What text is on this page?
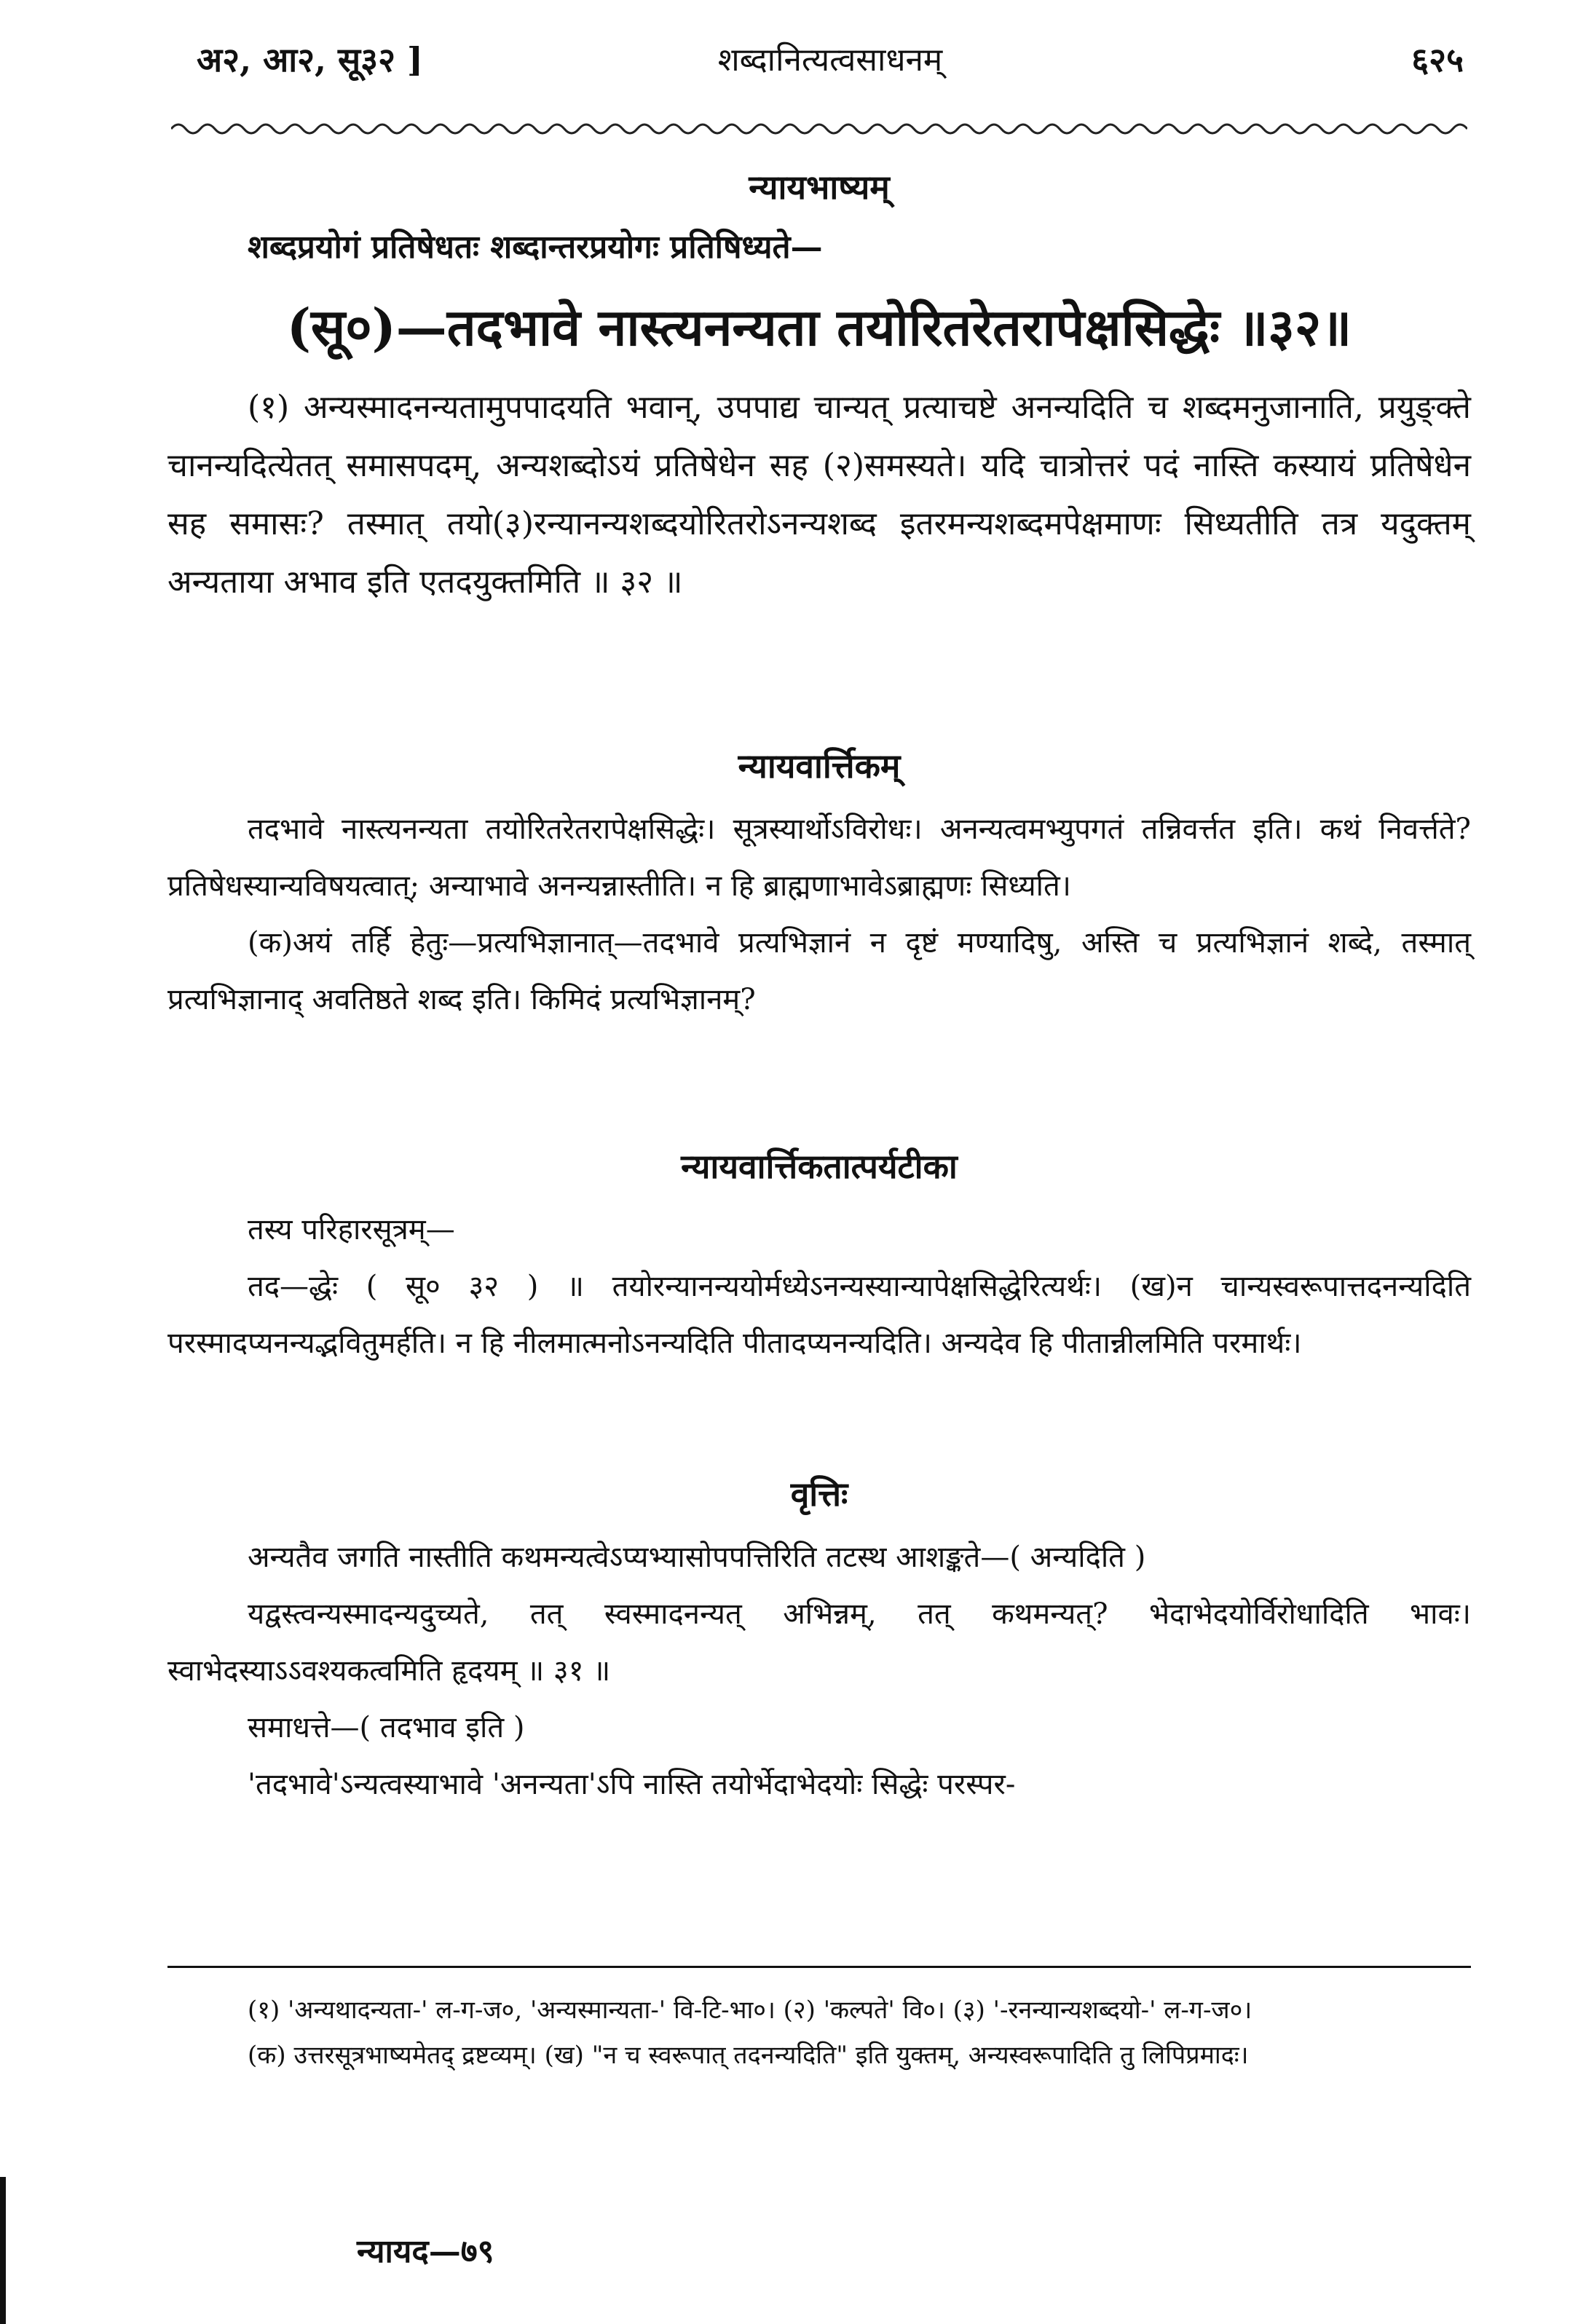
अ२, आ२, सू३२ ]	शब्दानित्यत्वसाधनम्	६२५
न्यायभाष्यम्

शब्दप्रयोगं प्रतिषेधतः शब्दान्तरप्रयोगः प्रतिषिध्यते—

(सू०)—तदभावे नास्त्यनन्यता तयोरितरेतरापेक्षसिद्धेः ॥३२॥

(१) अन्यस्मादनन्यतामुपपादयति भवान्, उपपाद्य चान्यत् प्रत्याचष्टे अनन्यदिति च शब्दमनुजानाति, प्रयुङ्क्ते चानन्यदित्येतत् समासपदम्, अन्यशब्दोऽयं प्रतिषेधेन सह (२)समस्यते। यदि चात्रोत्तरं पदं नास्ति कस्यायं प्रतिषेधेन सह समासः? तस्मात् तयो(३)रन्यानन्यशब्दयोरितरोऽनन्यशब्द इतरमन्यशब्दमपेक्षमाणः सिध्यतीति तत्र यदुक्तम् अन्यताया अभाव इति एतदयुक्तमिति ॥ ३२ ॥

न्यायवार्त्तिकम्

तदभावे नास्त्यनन्यता तयोरितरेतरापेक्षसिद्धेः। सूत्रस्यार्थोऽविरोधः। अनन्यत्वमभ्युपगतं तन्निवर्त्तत इति। कथं निवर्त्तते? प्रतिषेधस्यान्यविषयत्वात्; अन्याभावे अनन्यन्नास्तीति। न हि ब्राह्मणाभावेऽब्राह्मणः सिध्यति।

(क)अयं तर्हि हेतुः—प्रत्यभिज्ञानात्—तदभावे प्रत्यभिज्ञानं न दृष्टं मण्यादिषु, अस्ति च प्रत्यभिज्ञानं शब्दे, तस्मात् प्रत्यभिज्ञानाद् अवतिष्ठते शब्द इति। किमिदं प्रत्यभिज्ञानम्?

न्यायवार्त्तिकतात्पर्यटीका

तस्य परिहारसूत्रम्—

तद—द्धेः ( सू० ३२ ) ॥ तयोरन्यानन्ययोर्मध्येऽनन्यस्यान्यापेक्षसिद्धेरित्यर्थः। (ख)न चान्यस्वरूपात्तदनन्यदिति परस्मादप्यनन्यद्भवितुमर्हति। न हि नीलमात्मनोऽनन्यदिति पीतादप्यनन्यदिति। अन्यदेव हि पीतान्नीलमिति परमार्थः।

वृत्तिः

अन्यतैव जगति नास्तीति कथमन्यत्वेऽप्यभ्यासोपपत्तिरिति तटस्थ आशङ्कते—( अन्यदिति )

यद्वस्त्वन्यस्मादन्यदुच्यते, तत् स्वस्मादनन्यत् अभिन्नम्, तत् कथमन्यत्? भेदाभेदयोर्विरोधादिति भावः। स्वाभेदस्याऽऽवश्यकत्वमिति हृदयम् ॥ ३१ ॥

समाधत्ते—( तदभाव इति )

'तदभावे'ऽन्यत्वस्याभावे 'अनन्यता'ऽपि नास्ति तयोर्भेदाभेदयोः सिद्धेः परस्पर-

(१) 'अन्यथादन्यता-' ल-ग-ज०, 'अन्यस्मान्यता-' वि-टि-भा०। (२) 'कल्पते' वि०। (३) '-रनन्यान्यशब्दयो-' ल-ग-ज०।

(क) उत्तरसूत्रभाष्यमेतद् द्रष्टव्यम्। (ख) "न च स्वरूपात् तदनन्यदिति" इति युक्तम्, अन्यस्वरूपादिति तु लिपिप्रमादः।

न्यायद—७९
